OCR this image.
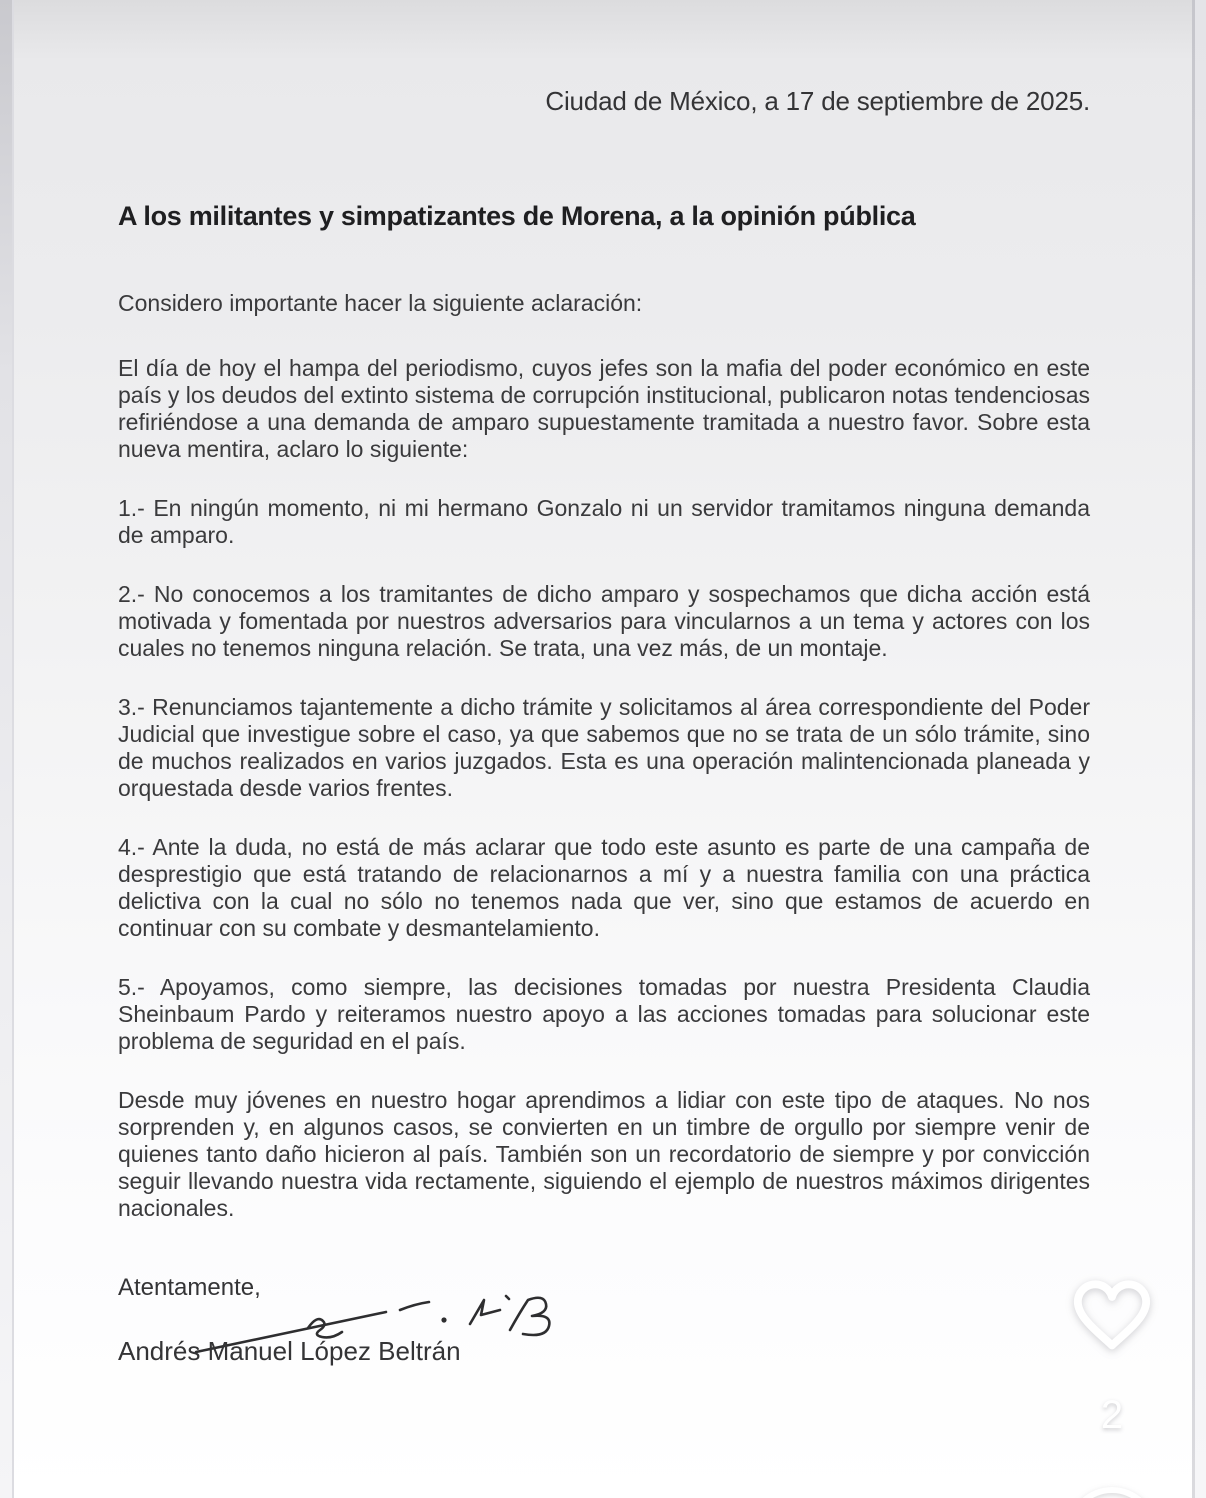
Ciudad de México, a 17 de septiembre de 2025.
A los militantes y simpatizantes de Morena, a la opinión pública
Considero importante hacer la siguiente aclaración:

El día de hoy el hampa del periodismo, cuyos jefes son la mafia del poder económico en este país y los deudos del extinto sistema de corrupción institucional, publicaron notas tendenciosas refiriéndose a una demanda de amparo supuestamente tramitada a nuestro favor. Sobre esta nueva mentira, aclaro lo siguiente:

1.- En ningún momento, ni mi hermano Gonzalo ni un servidor tramitamos ninguna demanda de amparo.

2.- No conocemos a los tramitantes de dicho amparo y sospechamos que dicha acción está motivada y fomentada por nuestros adversarios para vincularnos a un tema y actores con los cuales no tenemos ninguna relación. Se trata, una vez más, de un montaje.

3.- Renunciamos tajantemente a dicho trámite y solicitamos al área correspondiente del Poder Judicial que investigue sobre el caso, ya que sabemos que no se trata de un sólo trámite, sino de muchos realizados en varios juzgados. Esta es una operación malintencionada planeada y orquestada desde varios frentes.

4.- Ante la duda, no está de más aclarar que todo este asunto es parte de una campaña de desprestigio que está tratando de relacionarnos a mí y a nuestra familia con una práctica delictiva con la cual no sólo no tenemos nada que ver, sino que estamos de acuerdo en continuar con su combate y desmantelamiento.

5.- Apoyamos, como siempre, las decisiones tomadas por nuestra Presidenta Claudia Sheinbaum Pardo y reiteramos nuestro apoyo a las acciones tomadas para solucionar este problema de seguridad en el país.

Desde muy jóvenes en nuestro hogar aprendimos a lidiar con este tipo de ataques. No nos sorprenden y, en algunos casos, se convierten en un timbre de orgullo por siempre venir de quienes tanto daño hicieron al país. También son un recordatorio de siempre y por convicción seguir llevando nuestra vida rectamente, siguiendo el ejemplo de nuestros máximos dirigentes nacionales.

Atentamente,
Andrés Manuel López Beltrán
2
